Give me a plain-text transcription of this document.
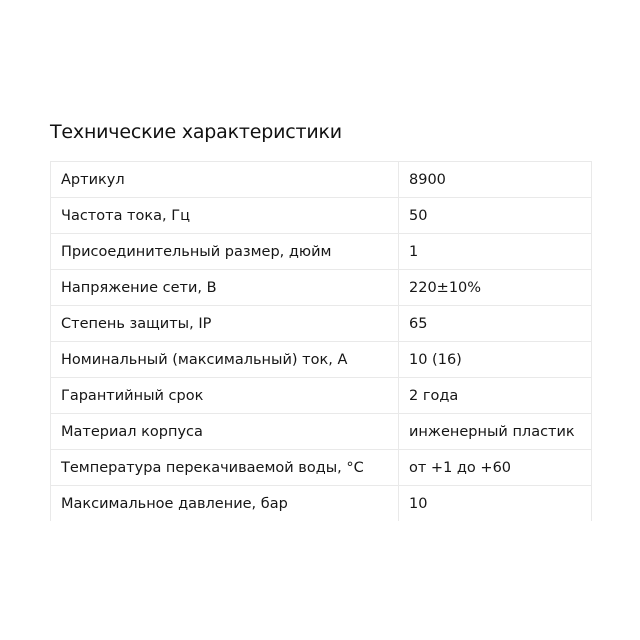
Технические характеристики
Артикул	8900
Частота тока, Гц	50
Присоединительный размер, дюйм	1
Напряжение сети, В	220±10%
Степень защиты, IP	65
Номинальный (максимальный) ток, А	10 (16)
Гарантийный срок	2 года
Материал корпуса	инженерный пластик
Температура перекачиваемой воды, °С	от +1 до +60
Максимальное давление, бар	10
